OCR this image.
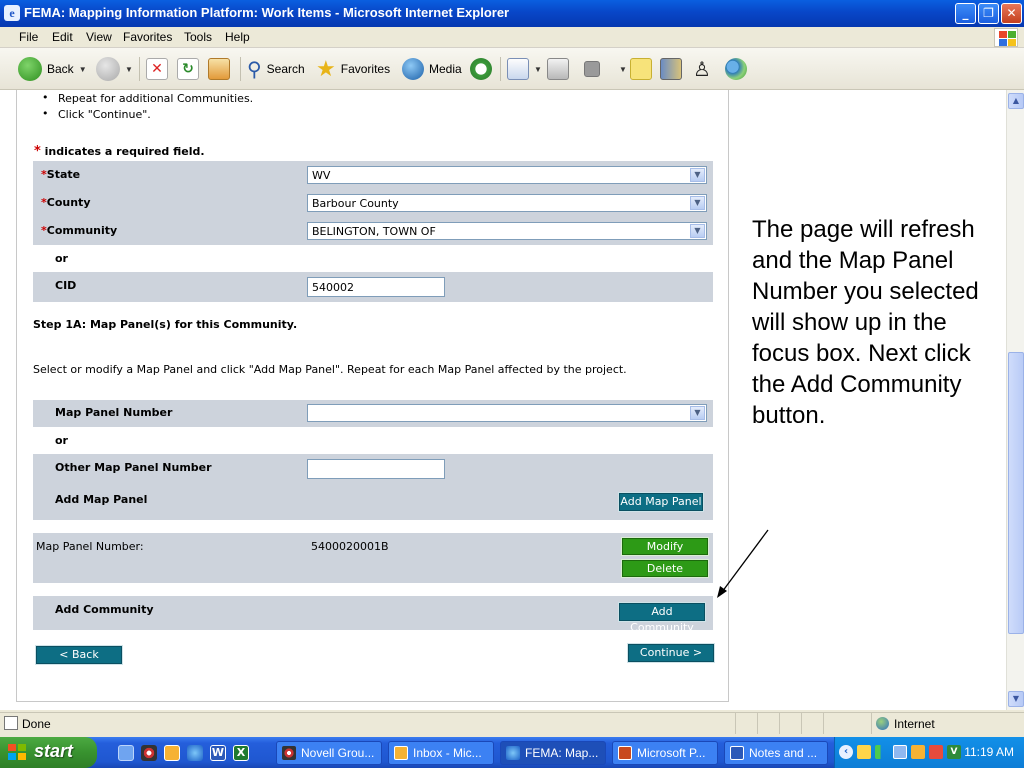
e FEMA: Mapping Information Platform: Work Items - Microsoft Internet Explorer	_	❐	✕
File Edit View Favorites Tools Help
Back ▼	▼	✕	↻	⚲ Search ★ Favorites	Media	▼	▼	♙
• Repeat for additional Communities.
• Click "Continue".
* indicates a required field.
*State	WV	▼
*County	Barbour County	▼
*Community	BELINGTON, TOWN OF	▼
or
CID	540002
Step 1A: Map Panel(s) for this Community.
Select or modify a Map Panel and click "Add Map Panel". Repeat for each Map Panel affected by the project.
Map Panel Number	▼
or
Other Map Panel Number
Add Map Panel	Add Map Panel
Map Panel Number:	5400020001B	Modify
Delete
Add Community	Add Community
< Back	Continue >
The page will refresh and the Map Panel Number you selected will show up in the focus box. Next click the Add Community button.
▲
▼
Done	Internet
start	W	X	Novell Grou...	Inbox - Mic...	FEMA: Map...	Microsoft P...	Notes and ...	‹	V 11:19 AM
